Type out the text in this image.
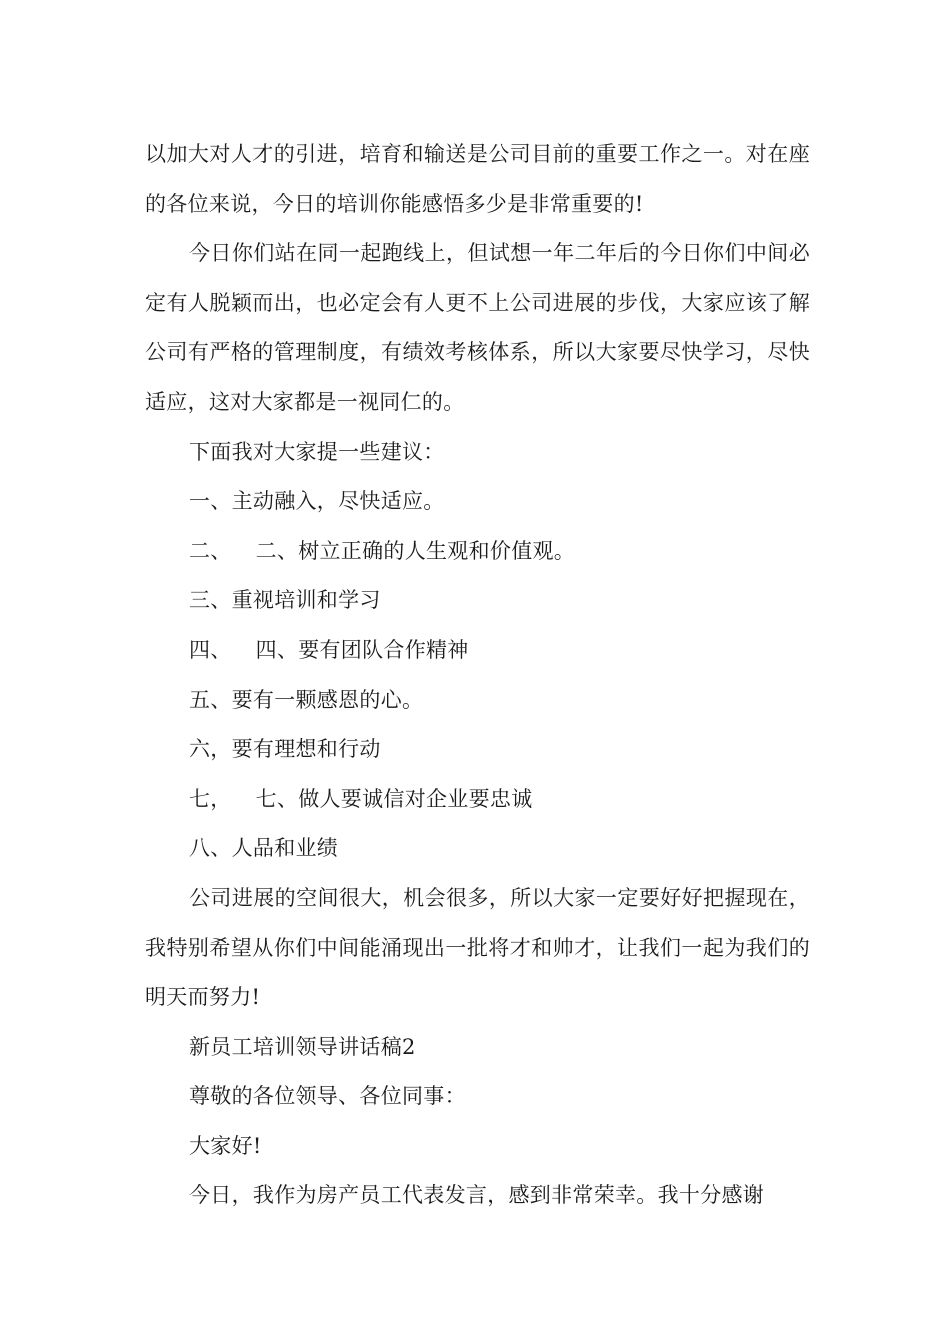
以加大对人才的引进，培育和输送是公司目前的重要工作之一。对在座的各位来说，今日的培训你能感悟多少是非常重要的!

今日你们站在同一起跑线上，但试想一年二年后的今日你们中间必定有人脱颖而出，也必定会有人更不上公司进展的步伐，大家应该了解公司有严格的管理制度，有绩效考核体系，所以大家要尽快学习，尽快适应，这对大家都是一视同仁的。

下面我对大家提一些建议：

一、主动融入，尽快适应。

二、 二、树立正确的人生观和价值观。

三、重视培训和学习

四、 四、要有团队合作精神

五、要有一颗感恩的心。

六，要有理想和行动

七， 七、做人要诚信对企业要忠诚

八、人品和业绩

公司进展的空间很大，机会很多，所以大家一定要好好把握现在，我特别希望从你们中间能涌现出一批将才和帅才，让我们一起为我们的明天而努力!

新员工培训领导讲话稿2

尊敬的各位领导、各位同事：

大家好!

今日，我作为房产员工代表发言，感到非常荣幸。我十分感谢
